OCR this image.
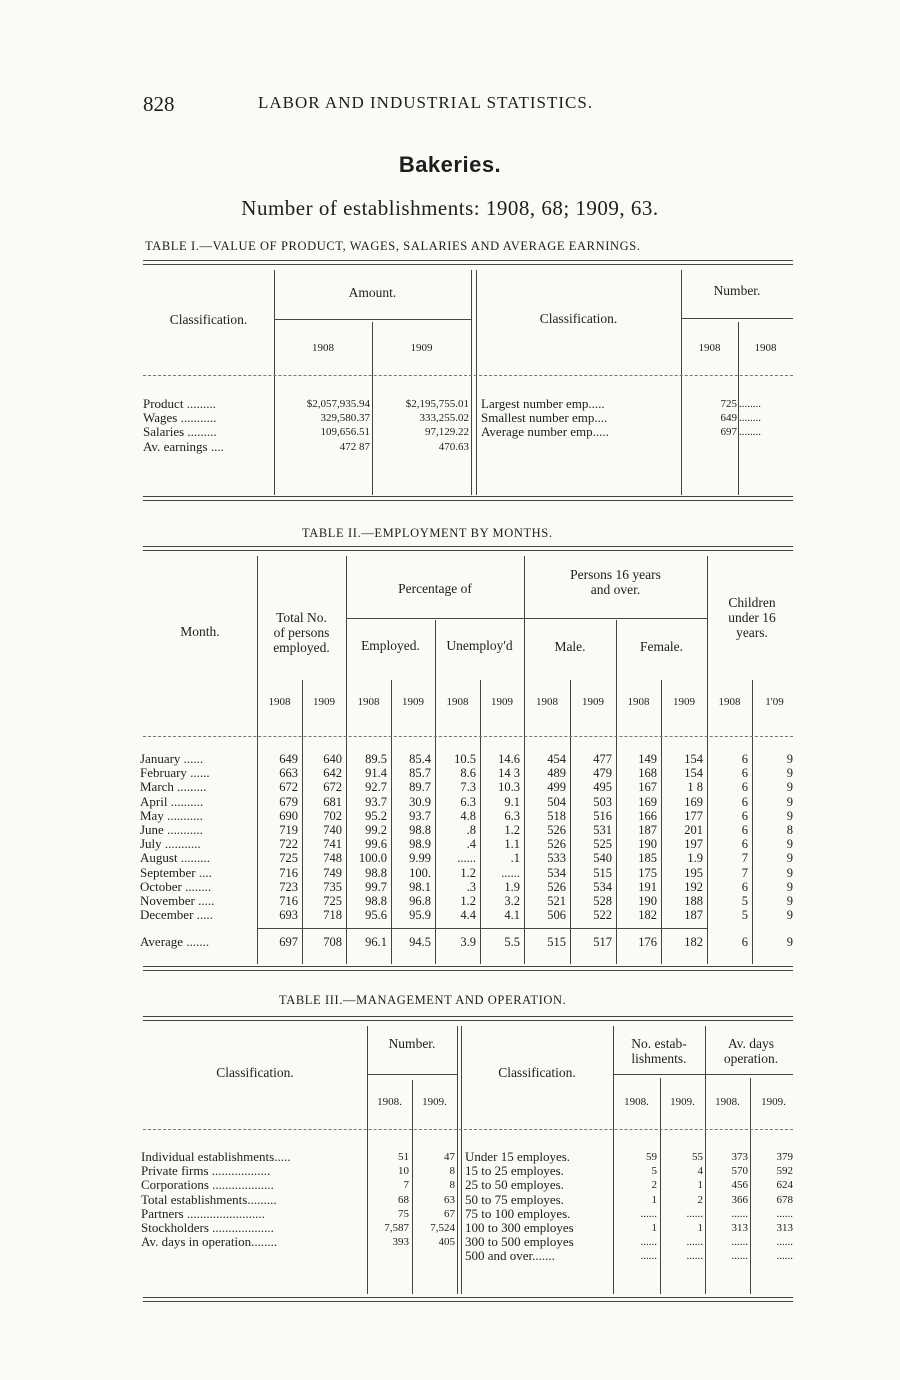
828	LABOR AND INDUSTRIAL STATISTICS.
Bakeries.
Number of establishments: 1908, 68; 1909, 63.
TABLE I.—VALUE OF PRODUCT, WAGES, SALARIES AND AVERAGE EARNINGS.
Classification.
Amount.
1908	1909
Classification.
Number.
1908	1908
Product .........	$2,057,935.94	$2,195,755.01
Wages ...........	329,580.37	333,255.02
Salaries .........	109,656.51	97,129.22
Av. earnings ....	472 87	470.63
Largest number emp.....	725 ........
Smallest number emp....	649 ........
Average number emp.....	697 ........
TABLE II.—EMPLOYMENT BY MONTHS.
Month.
Total No.
of persons
employed.
Percentage of
Employed.	Unemploy'd
Persons 16 years
and over.
Male.	Female.
Children
under 16
years.
1908	1909	1908	1909	1908	1909	1908	1909	1908	1909	1908	1'09
January ......	649	640	89.5	85.4	10.5	14.6	454	477	149	154	6	9
February ......	663	642	91.4	85.7	8.6	14 3	489	479	168	154	6	9
March .........	672	672	92.7	89.7	7.3	10.3	499	495	167	1 8	6	9
April ..........	679	681	93.7	30.9	6.3	9.1	504	503	169	169	6	9
May ...........	690	702	95.2	93.7	4.8	6.3	518	516	166	177	6	9
June ...........	719	740	99.2	98.8	.8	1.2	526	531	187	201	6	8
July ...........	722	741	99.6	98.9	.4	1.1	526	525	190	197	6	9
August .........	725	748	100.0	9.99	......	.1	533	540	185	1.9	7	9
September ....	716	749	98.8	100.	1.2	......	534	515	175	195	7	9
October ........	723	735	99.7	98.1	.3	1.9	526	534	191	192	6	9
November .....	716	725	98.8	96.8	1.2	3.2	521	528	190	188	5	9
December .....	693	718	95.6	95.9	4.4	4.1	506	522	182	187	5	9
Average .......	697	708	96.1	94.5	3.9	5.5	515	517	176	182	6	9
TABLE III.—MANAGEMENT AND OPERATION.
Classification.
Number.
Classification.
No. estab-
lishments.
Av. days
operation.
1908.	1909.	1908.	1909.	1908.	1909.
Individual establishments.....	51	47
Private firms ..................	10	8
Corporations ...................	7	8
Total establishments.........	68	63
Partners ........................	75	67
Stockholders ...................	7,587	7,524
Av. days in operation........	393	405
Under 15 employes.	59	55	373	379
15 to 25 employes.	5	4	570	592
25 to 50 employes.	2	1	456	624
50 to 75 employes.	1	2	366	678
75 to 100 employes.	......	......	......	......
100 to 300 employes	1	1	313	313
300 to 500 employes	......	......	......	......
500 and over.......	......	......	......	......
